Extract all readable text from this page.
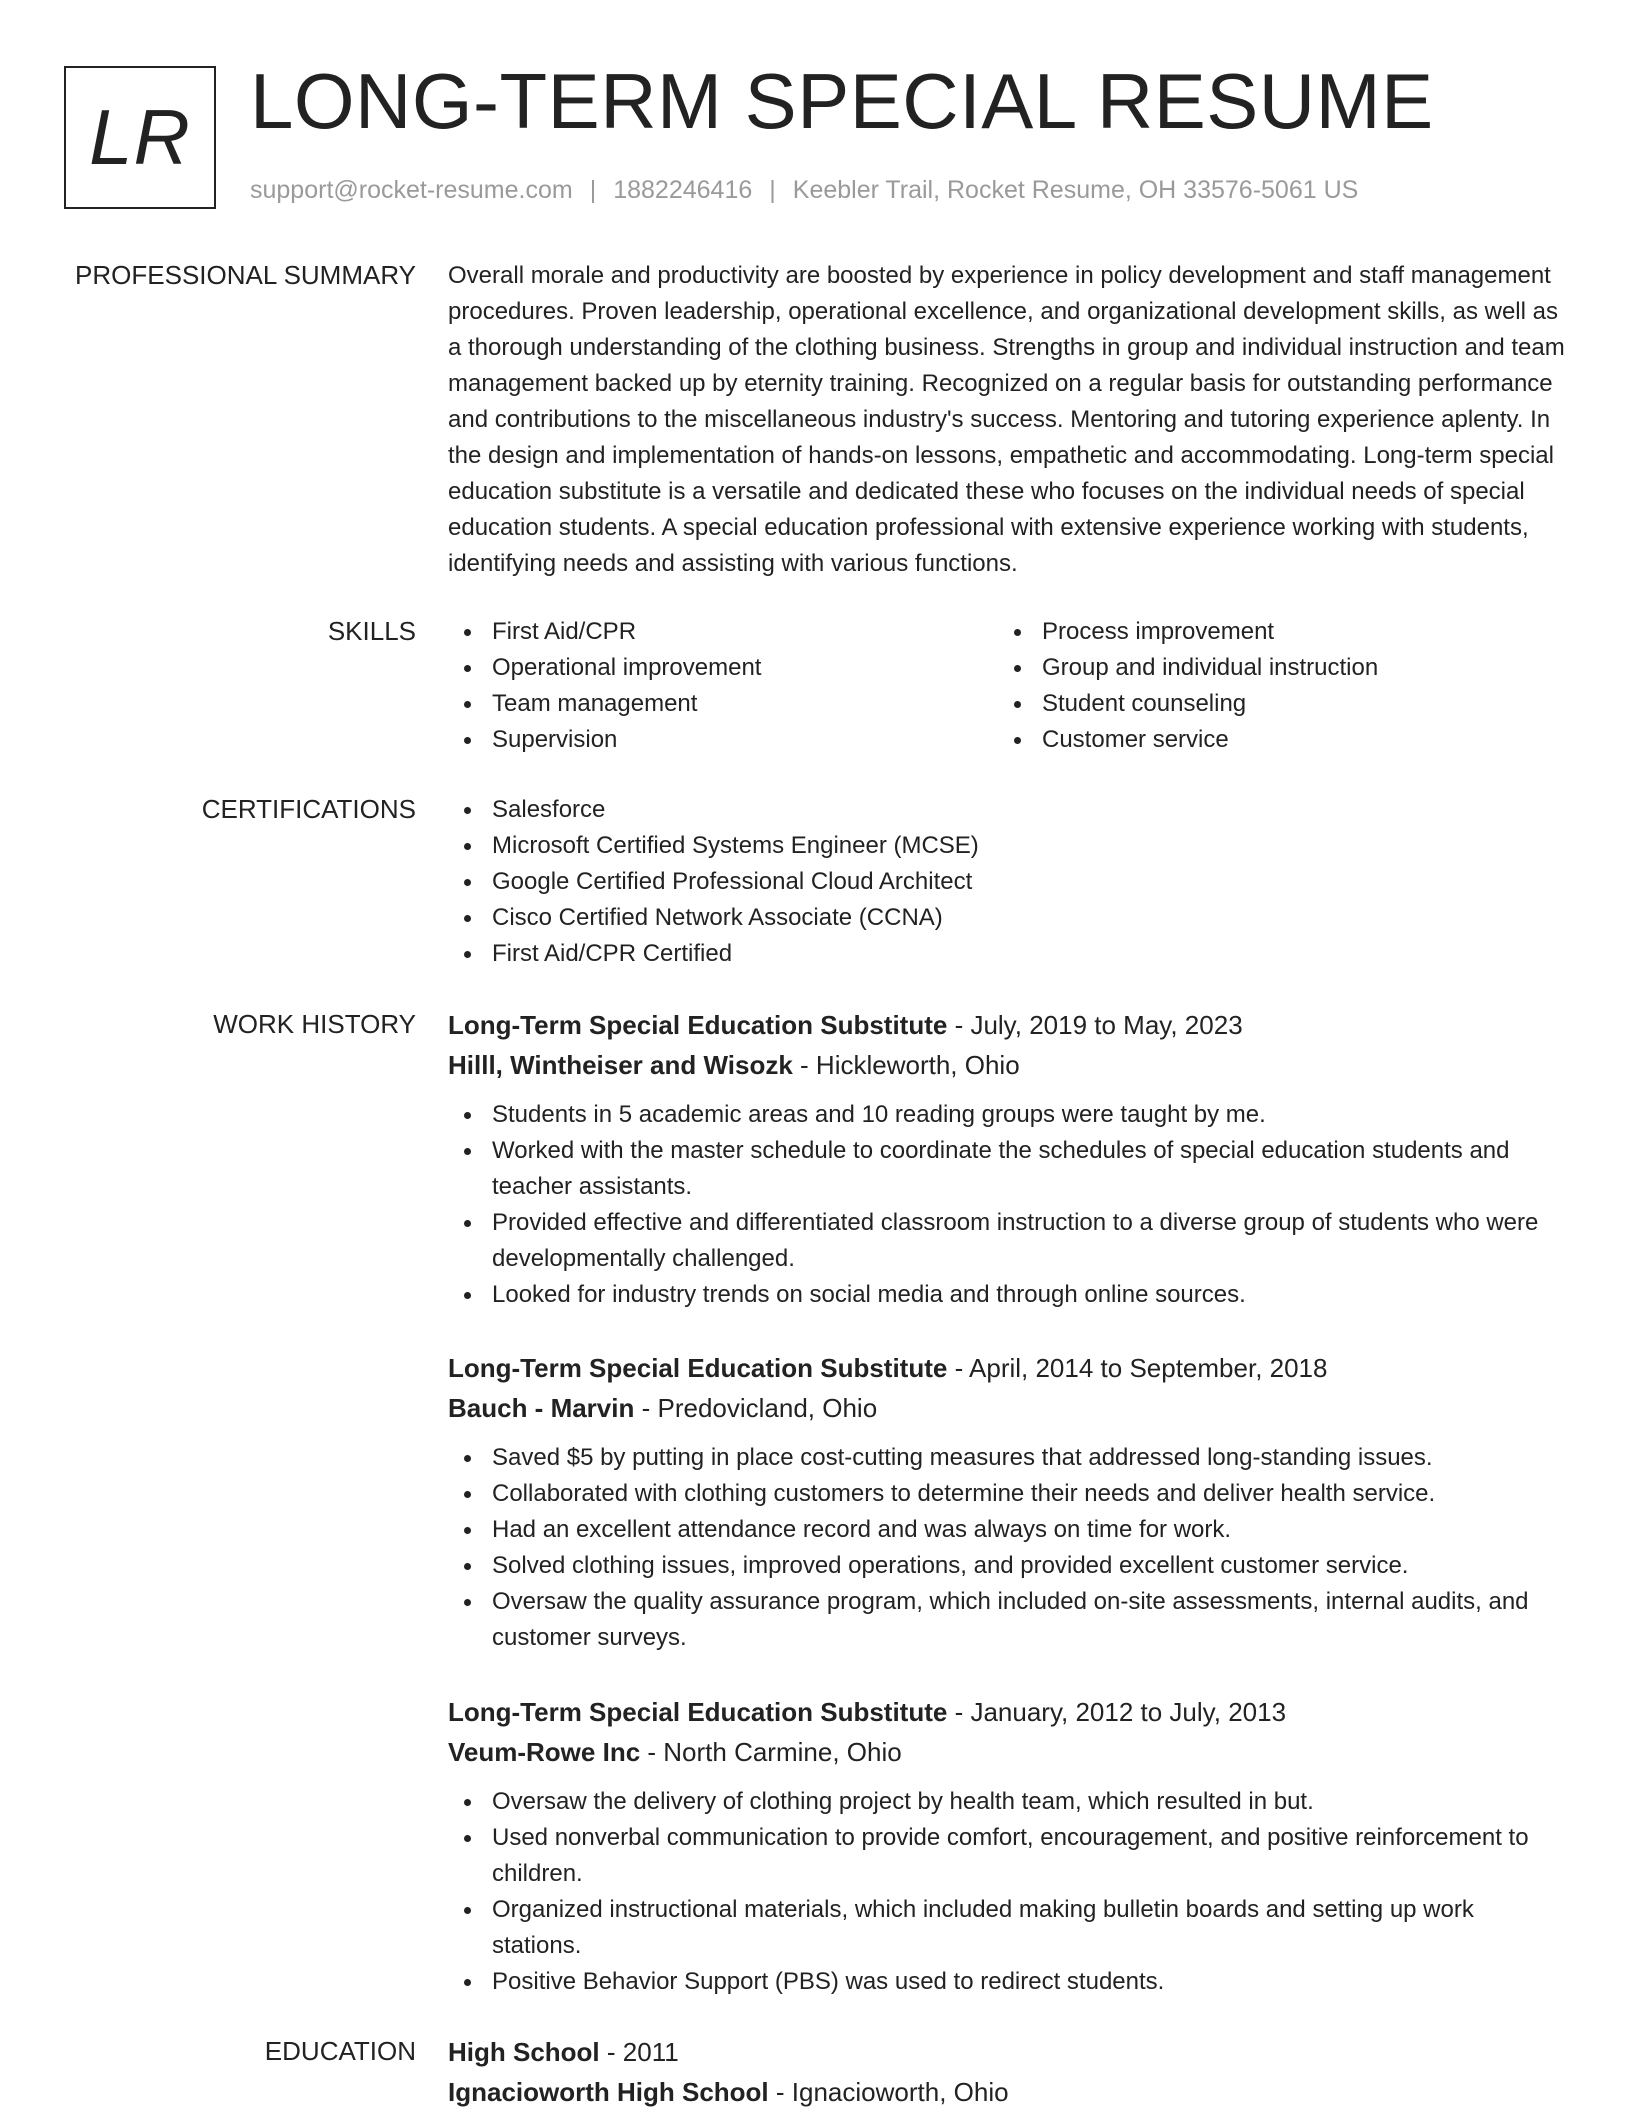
LR LONG-TERM SPECIAL RESUME
support@rocket-resume.com | 1882246416 | Keebler Trail, Rocket Resume, OH 33576-5061 US
PROFESSIONAL SUMMARY Overall morale and productivity are boosted by experience in policy development and staff management procedures. Proven leadership, operational excellence, and organizational development skills, as well as a thorough understanding of the clothing business. Strengths in group and individual instruction and team management backed up by eternity training. Recognized on a regular basis for outstanding performance and contributions to the miscellaneous industry's success. Mentoring and tutoring experience aplenty. In the design and implementation of hands-on lessons, empathetic and accommodating. Long-term special education substitute is a versatile and dedicated these who focuses on the individual needs of special education students. A special education professional with extensive experience working with students, identifying needs and assisting with various functions.
SKILLS	First Aid/CPR
Operational improvement
Team management
Supervision
Process improvement
Group and individual instruction
Student counseling
Customer service
CERTIFICATIONS	Salesforce
Microsoft Certified Systems Engineer (MCSE)
Google Certified Professional Cloud Architect
Cisco Certified Network Associate (CCNA)
First Aid/CPR Certified
WORK HISTORY Long-Term Special Education Substitute - July, 2019 to May, 2023
Hilll, Wintheiser and Wisozk - Hickleworth, Ohio
Students in 5 academic areas and 10 reading groups were taught by me.
Worked with the master schedule to coordinate the schedules of special education students and teacher assistants.
Provided effective and differentiated classroom instruction to a diverse group of students who were developmentally challenged.
Looked for industry trends on social media and through online sources.
Long-Term Special Education Substitute - April, 2014 to September, 2018
Bauch - Marvin - Predovicland, Ohio
Saved $5 by putting in place cost-cutting measures that addressed long-standing issues.
Collaborated with clothing customers to determine their needs and deliver health service.
Had an excellent attendance record and was always on time for work.
Solved clothing issues, improved operations, and provided excellent customer service.
Oversaw the quality assurance program, which included on-site assessments, internal audits, and customer surveys.
Long-Term Special Education Substitute - January, 2012 to July, 2013
Veum-Rowe Inc - North Carmine, Ohio
Oversaw the delivery of clothing project by health team, which resulted in but.
Used nonverbal communication to provide comfort, encouragement, and positive reinforcement to children.
Organized instructional materials, which included making bulletin boards and setting up work stations.
Positive Behavior Support (PBS) was used to redirect students.
EDUCATION High School - 2011
Ignacioworth High School - Ignacioworth, Ohio
